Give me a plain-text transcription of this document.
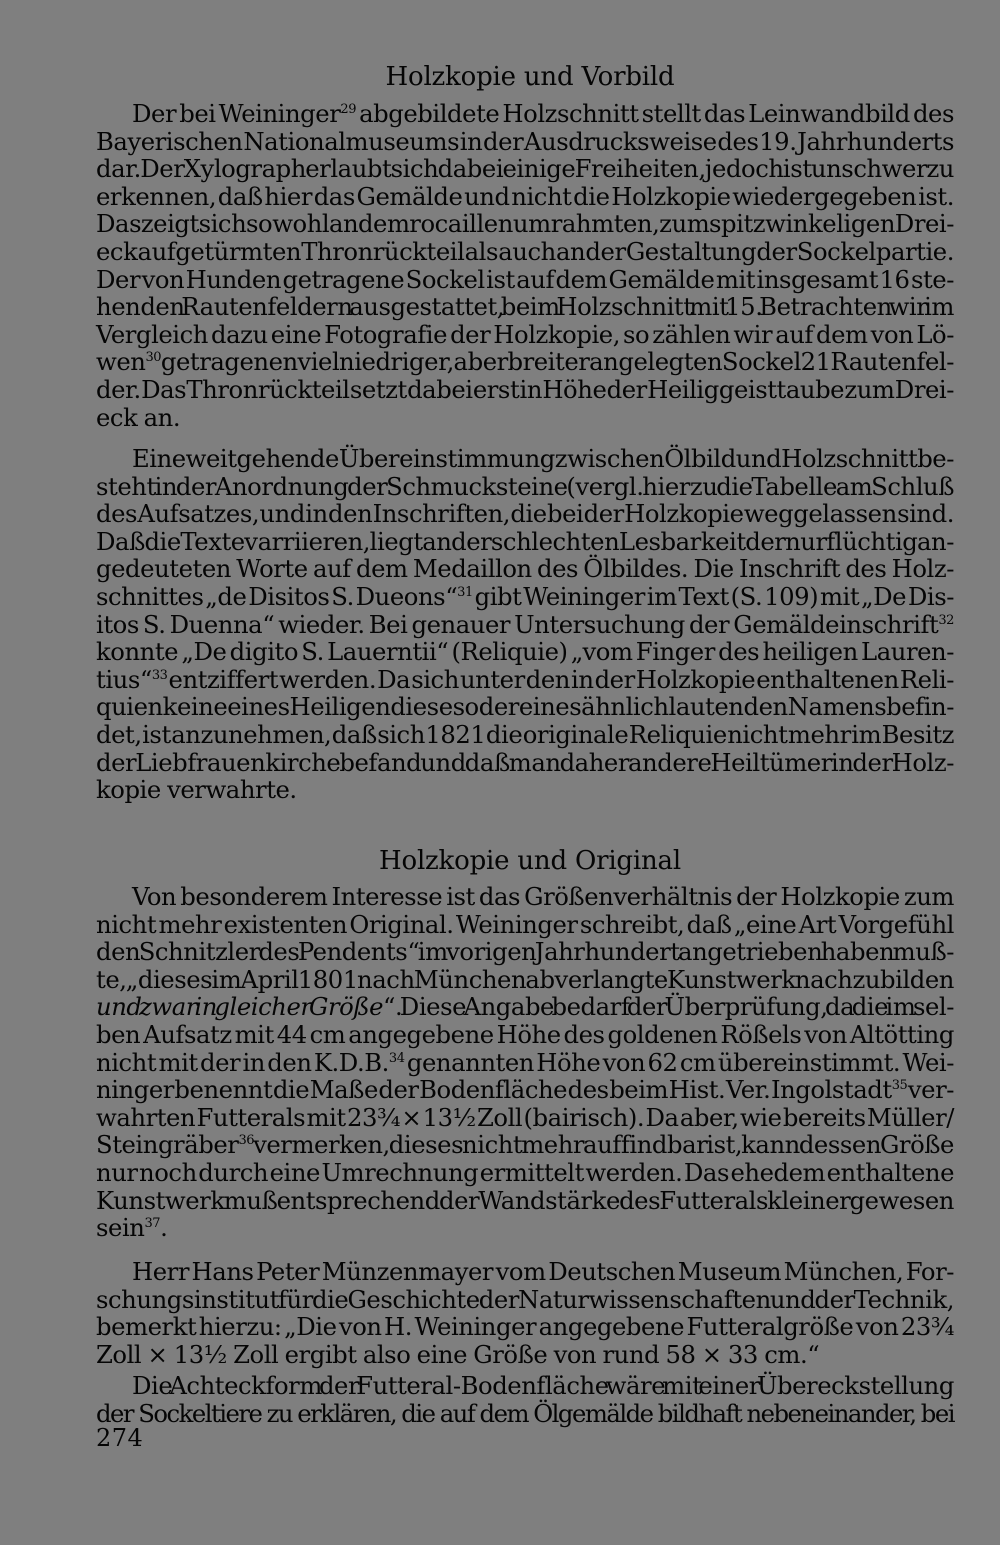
Holzkopie und Vorbild
Der bei Weininger$^{29}$ abgebildete Holzschnitt stellt das Leinwandbild des
Bayerischen Nationalmuseums in der Ausdrucksweise des 19. Jahrhunderts
dar. Der Xylograph erlaubt sich dabei einige Freiheiten, jedoch ist unschwer zu
erkennen, daß hier das Gemälde und nicht die Holzkopie wiedergegeben ist.
Das zeigt sich sowohl an dem rocaillenumrahmten, zum spitzwinkeligen Drei-
eck aufgetürmten Thronrückteil als auch an der Gestaltung der Sockelpartie.
Der von Hunden getragene Sockel ist auf dem Gemälde mit insgesamt 16 ste-
henden Rautenfeldern ausgestattet, beim Holzschnitt mit 15. Betrachten wir im
Vergleich dazu eine Fotografie der Holzkopie, so zählen wir auf dem von Lö-
wen$^{30}$ getragenen viel niedriger, aber breiter angelegten Sockel 21 Rautenfel-
der. Das Thronrückteil setzt dabei erst in Höhe der Heiliggeisttaube zum Drei-
eck an.
Eine weitgehende Übereinstimmung zwischen Ölbild und Holzschnitt be-
steht in der Anordnung der Schmucksteine (vergl. hierzu die Tabelle am Schluß
des Aufsatzes, und in den Inschriften, die bei der Holzkopie weggelassen sind.
Daß die Texte varriieren, liegt an der schlechten Lesbarkeit der nur flüchtig an-
gedeuteten Worte auf dem Medaillon des Ölbildes. Die Inschrift des Holz-
schnittes „de Disitos S. Dueons“$^{31}$ gibt Weininger im Text (S. 109) mit „De Dis-
itos S. Duenna“ wieder. Bei genauer Untersuchung der Gemäldeinschrift$^{32}$
konnte „De digito S. Lauerntii“ (Reliquie) „vom Finger des heiligen Lauren-
tius“$^{33}$ entziffert werden. Da sich unter den in der Holzkopie enthaltenen Reli-
quien keine eines Heiligen dieses oder eines ähnlich lautenden Namens befin-
det, ist anzunehmen, daß sich 1821 die originale Reliquie nicht mehr im Besitz
der Liebfrauenkirche befand und daß man daher andere Heiltümer in der Holz-
kopie verwahrte.
Holzkopie und Original
Von besonderem Interesse ist das Größenverhältnis der Holzkopie zum
nicht mehr existenten Original. Weininger schreibt, daß „eine Art Vorgefühl
den Schnitzler des Pendents“ im vorigen Jahrhundert angetrieben haben muß-
te, „dieses im April 1801 nach München abverlangte Kunstwerk nachzubilden
und zwar in gleicher Größe“. Diese Angabe bedarf der Überprüfung, da die im sel-
ben Aufsatz mit 44 cm angegebene Höhe des goldenen Rößels von Altötting
nicht mit der in den K.D.B.$^{34}$ genannten Höhe von 62 cm übereinstimmt. Wei-
ninger benennt die Maße der Bodenfläche des beim Hist. Ver. Ingolstadt$^{35}$ ver-
wahrten Futterals mit 23¾ × 13½ Zoll (bairisch). Da aber, wie bereits Müller/
Steingräber$^{36}$ vermerken, dieses nicht mehr auffindbar ist, kann dessen Größe
nur noch durch eine Umrechnung ermittelt werden. Das ehedem enthaltene
Kunstwerk muß entsprechend der Wandstärke des Futterals kleiner gewesen
sein$^{37}$.
Herr Hans Peter Münzenmayer vom Deutschen Museum München, For-
schungsinstitut für die Geschichte der Naturwissenschaften und der Technik,
bemerkt hierzu: „Die von H. Weininger angegebene Futteralgröße von 23¾
Zoll × 13½ Zoll ergibt also eine Größe von rund 58 × 33 cm.“
Die Achteckform der Futteral-Bodenfläche wäre mit einer Übereckstellung
der Sockeltiere zu erklären, die auf dem Ölgemälde bildhaft nebeneinander, bei

274
